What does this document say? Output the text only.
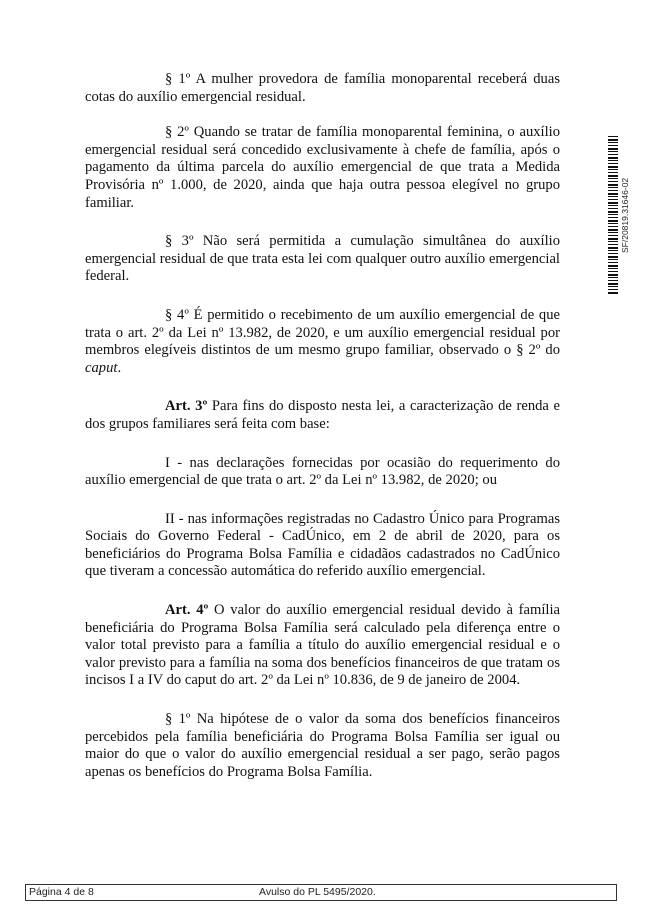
§ 1º A mulher provedora de família monoparental receberá duas cotas do auxílio emergencial residual.

§ 2º Quando se tratar de família monoparental feminina, o auxílio emergencial residual será concedido exclusivamente à chefe de família, após o pagamento da última parcela do auxílio emergencial de que trata a Medida Provisória nº 1.000, de 2020, ainda que haja outra pessoa elegível no grupo familiar.

§ 3º Não será permitida a cumulação simultânea do auxílio emergencial residual de que trata esta lei com qualquer outro auxílio emergencial federal.

§ 4º É permitido o recebimento de um auxílio emergencial de que trata o art. 2º da Lei nº 13.982, de 2020, e um auxílio emergencial residual por membros elegíveis distintos de um mesmo grupo familiar, observado o § 2º do caput.

Art. 3º Para fins do disposto nesta lei, a caracterização de renda e dos grupos familiares será feita com base:

I - nas declarações fornecidas por ocasião do requerimento do auxílio emergencial de que trata o art. 2º da Lei nº 13.982, de 2020; ou

II - nas informações registradas no Cadastro Único para Programas Sociais do Governo Federal - CadÚnico, em 2 de abril de 2020, para os beneficiários do Programa Bolsa Família e cidadãos cadastrados no CadÚnico que tiveram a concessão automática do referido auxílio emergencial.

Art. 4º O valor do auxílio emergencial residual devido à família beneficiária do Programa Bolsa Família será calculado pela diferença entre o valor total previsto para a família a título do auxílio emergencial residual e o valor previsto para a família na soma dos benefícios financeiros de que tratam os incisos I a IV do caput do art. 2º da Lei nº 10.836, de 9 de janeiro de 2004.

§ 1º Na hipótese de o valor da soma dos benefícios financeiros percebidos pela família beneficiária do Programa Bolsa Família ser igual ou maior do que o valor do auxílio emergencial residual a ser pago, serão pagos apenas os benefícios do Programa Bolsa Família.

SF/20819.31646-02
Página 4 de 8	Avulso do PL 5495/2020.
